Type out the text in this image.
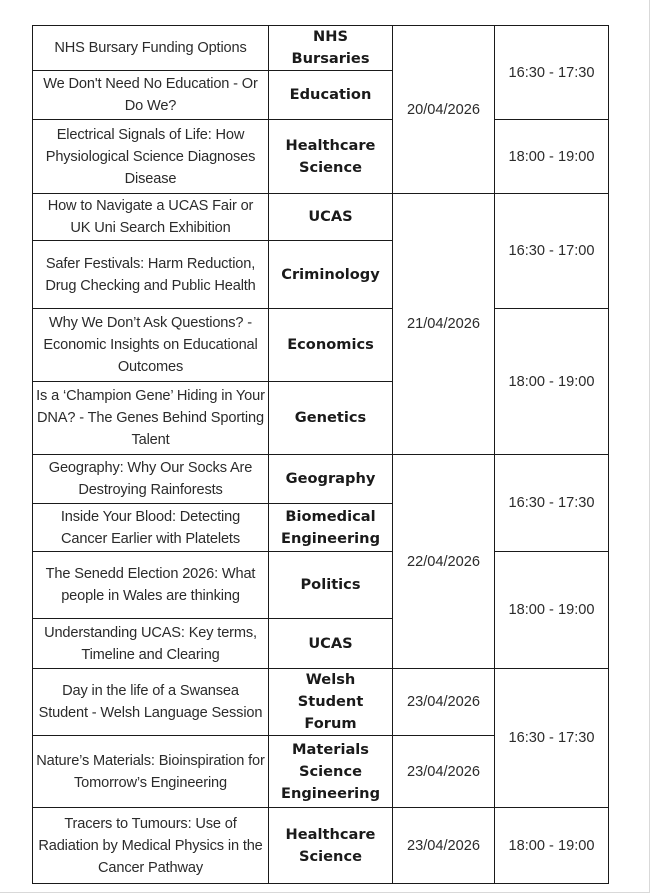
NHS Bursary Funding Options	NHS Bursaries	20/04/2026	16:30 - 17:30
We Don't Need No Education - Or Do We?	Education		
Electrical Signals of Life: How Physiological Science Diagnoses Disease	Healthcare Science		18:00 - 19:00
How to Navigate a UCAS Fair or UK Uni Search Exhibition	UCAS	21/04/2026	16:30 - 17:00
Safer Festivals: Harm Reduction, Drug Checking and Public Health	Criminology		
Why We Don’t Ask Questions? - Economic Insights on Educational Outcomes	Economics		18:00 - 19:00
Is a ‘Champion Gene’ Hiding in Your DNA? - The Genes Behind Sporting Talent	Genetics		
Geography: Why Our Socks Are Destroying Rainforests	Geography	22/04/2026	16:30 - 17:30
Inside Your Blood: Detecting Cancer Earlier with Platelets	Biomedical Engineering		
The Senedd Election 2026: What people in Wales are thinking	Politics		18:00 - 19:00
Understanding UCAS: Key terms, Timeline and Clearing	UCAS		
Day in the life of a Swansea Student - Welsh Language Session	Welsh Student Forum	23/04/2026	16:30 - 17:30
Nature’s Materials: Bioinspiration for Tomorrow’s Engineering	Materials Science Engineering	23/04/2026	
Tracers to Tumours: Use of Radiation by Medical Physics in the Cancer Pathway	Healthcare Science	23/04/2026	18:00 - 19:00
